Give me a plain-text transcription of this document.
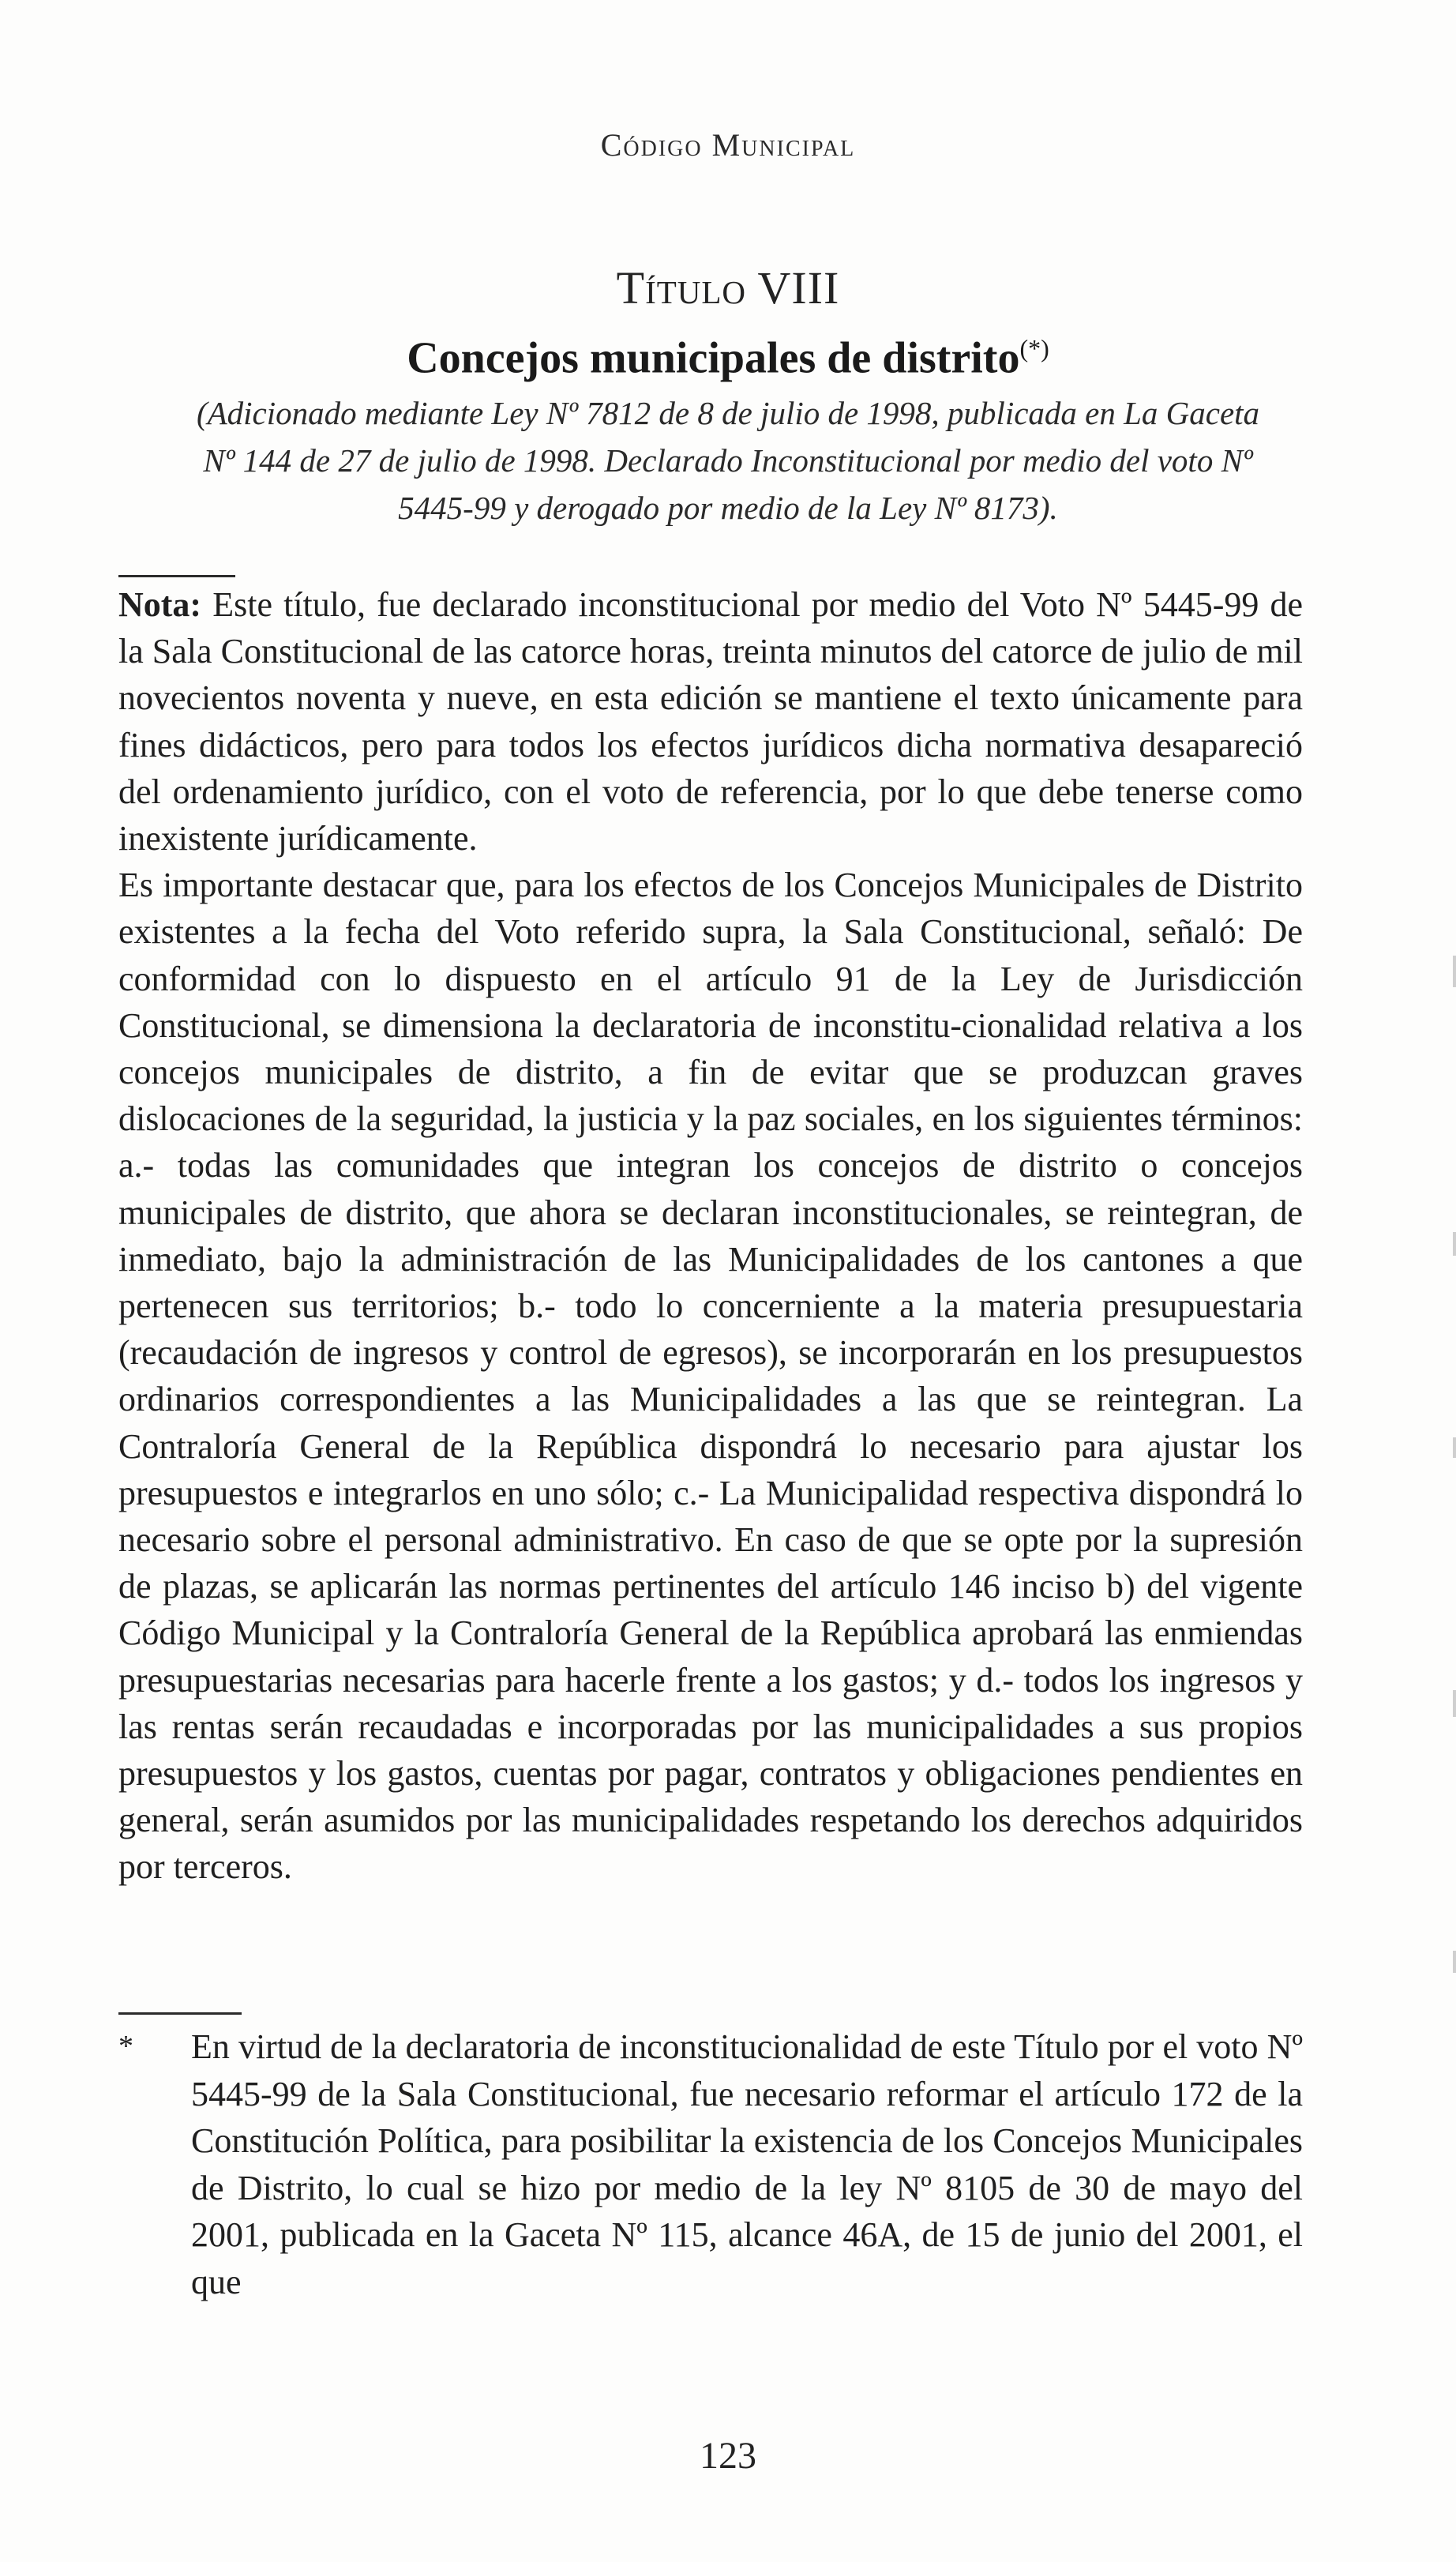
Código Municipal
Título VIII
Concejos municipales de distrito(*)
(Adicionado mediante Ley Nº 7812 de 8 de julio de 1998, publicada en La Gaceta Nº 144 de 27 de julio de 1998. Declarado Inconstitucional por medio del voto Nº 5445-99 y derogado por medio de la Ley Nº 8173).

Nota: Este título, fue declarado inconstitucional por medio del Voto Nº 5445-99 de la Sala Constitucional de las catorce horas, treinta minutos del catorce de julio de mil novecientos noventa y nueve, en esta edición se mantiene el texto únicamente para fines didácticos, pero para todos los efectos jurídicos dicha normativa desapareció del ordenamiento jurídico, con el voto de referencia, por lo que debe tenerse como inexistente jurídicamente.

Es importante destacar que, para los efectos de los Concejos Municipales de Distrito existentes a la fecha del Voto referido supra, la Sala Constitucional, señaló: De conformidad con lo dispuesto en el artículo 91 de la Ley de Jurisdicción Constitucional, se dimensiona la declaratoria de inconstitu-cionalidad relativa a los concejos municipales de distrito, a fin de evitar que se produzcan graves dislocaciones de la seguridad, la justicia y la paz sociales, en los siguientes términos: a.- todas las comunidades que integran los concejos de distrito o concejos municipales de distrito, que ahora se declaran inconstitucionales, se reintegran, de inmediato, bajo la administración de las Municipalidades de los cantones a que pertenecen sus territorios; b.- todo lo concerniente a la materia presupuestaria (recaudación de ingresos y control de egresos), se incorporarán en los presupuestos ordinarios correspondientes a las Municipalidades a las que se reintegran. La Contraloría General de la República dispondrá lo necesario para ajustar los presupuestos e integrarlos en uno sólo; c.- La Municipalidad respectiva dispondrá lo necesario sobre el personal administrativo. En caso de que se opte por la supresión de plazas, se aplicarán las normas pertinentes del artículo 146 inciso b) del vigente Código Municipal y la Contraloría General de la República aprobará las enmiendas presupuestarias necesarias para hacerle frente a los gastos; y d.- todos los ingresos y las rentas serán recaudadas e incorporadas por las municipalidades a sus propios presupuestos y los gastos, cuentas por pagar, contratos y obligaciones pendientes en general, serán asumidos por las municipalidades respetando los derechos adquiridos por terceros.

*	En virtud de la declaratoria de inconstitucionalidad de este Título por el voto Nº 5445-99 de la Sala Constitucional, fue necesario reformar el artículo 172 de la Constitución Política, para posibilitar la existencia de los Concejos Municipales de Distrito, lo cual se hizo por medio de la ley Nº 8105 de 30 de mayo del 2001, publicada en la Gaceta Nº 115, alcance 46A, de 15 de junio del 2001, el que
123
